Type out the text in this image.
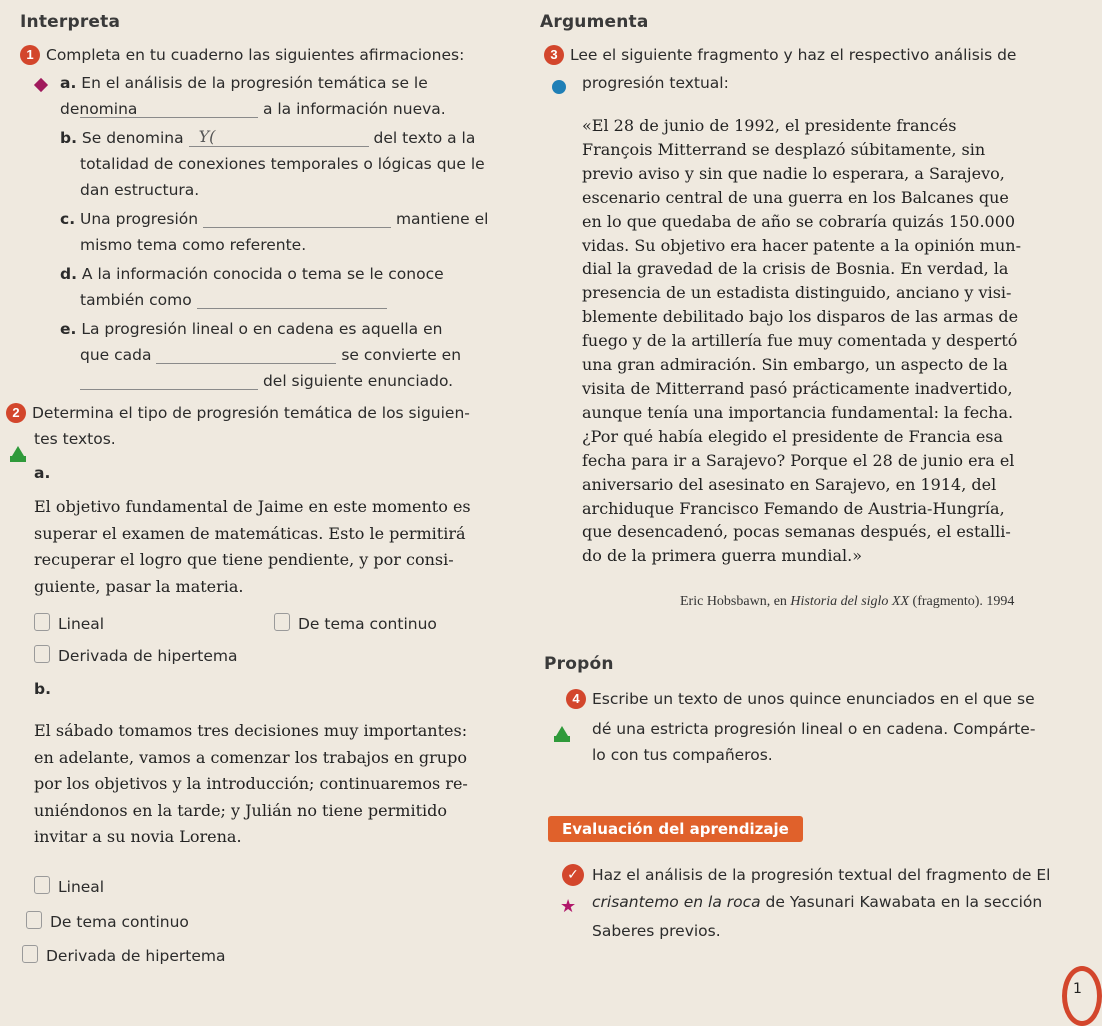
Interpreta
1 Completa en tu cuaderno las siguientes afirmaciones:
a. En el análisis de la progresión temática se le denomina	a la información nueva.
b. Se denomina Y(	del texto a la
totalidad de conexiones temporales o lógicas que le
dan estructura.
c. Una progresión	mantiene el
mismo tema como referente.
d. A la información conocida o tema se le conoce
también como
e. La progresión lineal o en cadena es aquella en
que cada	se convierte en
del siguiente enunciado.
2 Determina el tipo de progresión temática de los siguien-
tes textos.
a.
El objetivo fundamental de Jaime en este momento es
superar el examen de matemáticas. Esto le permitirá
recuperar el logro que tiene pendiente, y por consi-
guiente, pasar la materia.
Lineal	De tema continuo
Derivada de hipertema
b.
El sábado tomamos tres decisiones muy importantes:
en adelante, vamos a comenzar los trabajos en grupo
por los objetivos y la introducción; continuaremos re-
uniéndonos en la tarde; y Julián no tiene permitido
invitar a su novia Lorena.
Lineal
De tema continuo
Derivada de hipertema
Argumenta
3 Lee el siguiente fragmento y haz el respectivo análisis de
progresión textual:

«El 28 de junio de 1992, el presidente francés

François Mitterrand se desplazó súbitamente, sin

previo aviso y sin que nadie lo esperara, a Sarajevo,

escenario central de una guerra en los Balcanes que

en lo que quedaba de año se cobraría quizás 150.000

vidas. Su objetivo era hacer patente a la opinión mun-

dial la gravedad de la crisis de Bosnia. En verdad, la

presencia de un estadista distinguido, anciano y visi-

blemente debilitado bajo los disparos de las armas de

fuego y de la artillería fue muy comentada y despertó

una gran admiración. Sin embargo, un aspecto de la

visita de Mitterrand pasó prácticamente inadvertido,

aunque tenía una importancia fundamental: la fecha.

¿Por qué había elegido el presidente de Francia esa

fecha para ir a Sarajevo? Porque el 28 de junio era el

aniversario del asesinato en Sarajevo, en 1914, del

archiduque Francisco Femando de Austria-Hungría,

que desencadenó, pocas semanas después, el estalli-

do de la primera guerra mundial.»

Eric Hobsbawn, en Historia del siglo XX (fragmento). 1994
Propón
4 Escribe un texto de unos quince enunciados en el que se
dé una estricta progresión lineal o en cadena. Compárte-
lo con tus compañeros.
Evaluación del aprendizaje
✓ Haz el análisis de la progresión textual del fragmento de El
★ crisantemo en la roca de Yasunari Kawabata en la sección
Saberes previos.
1
